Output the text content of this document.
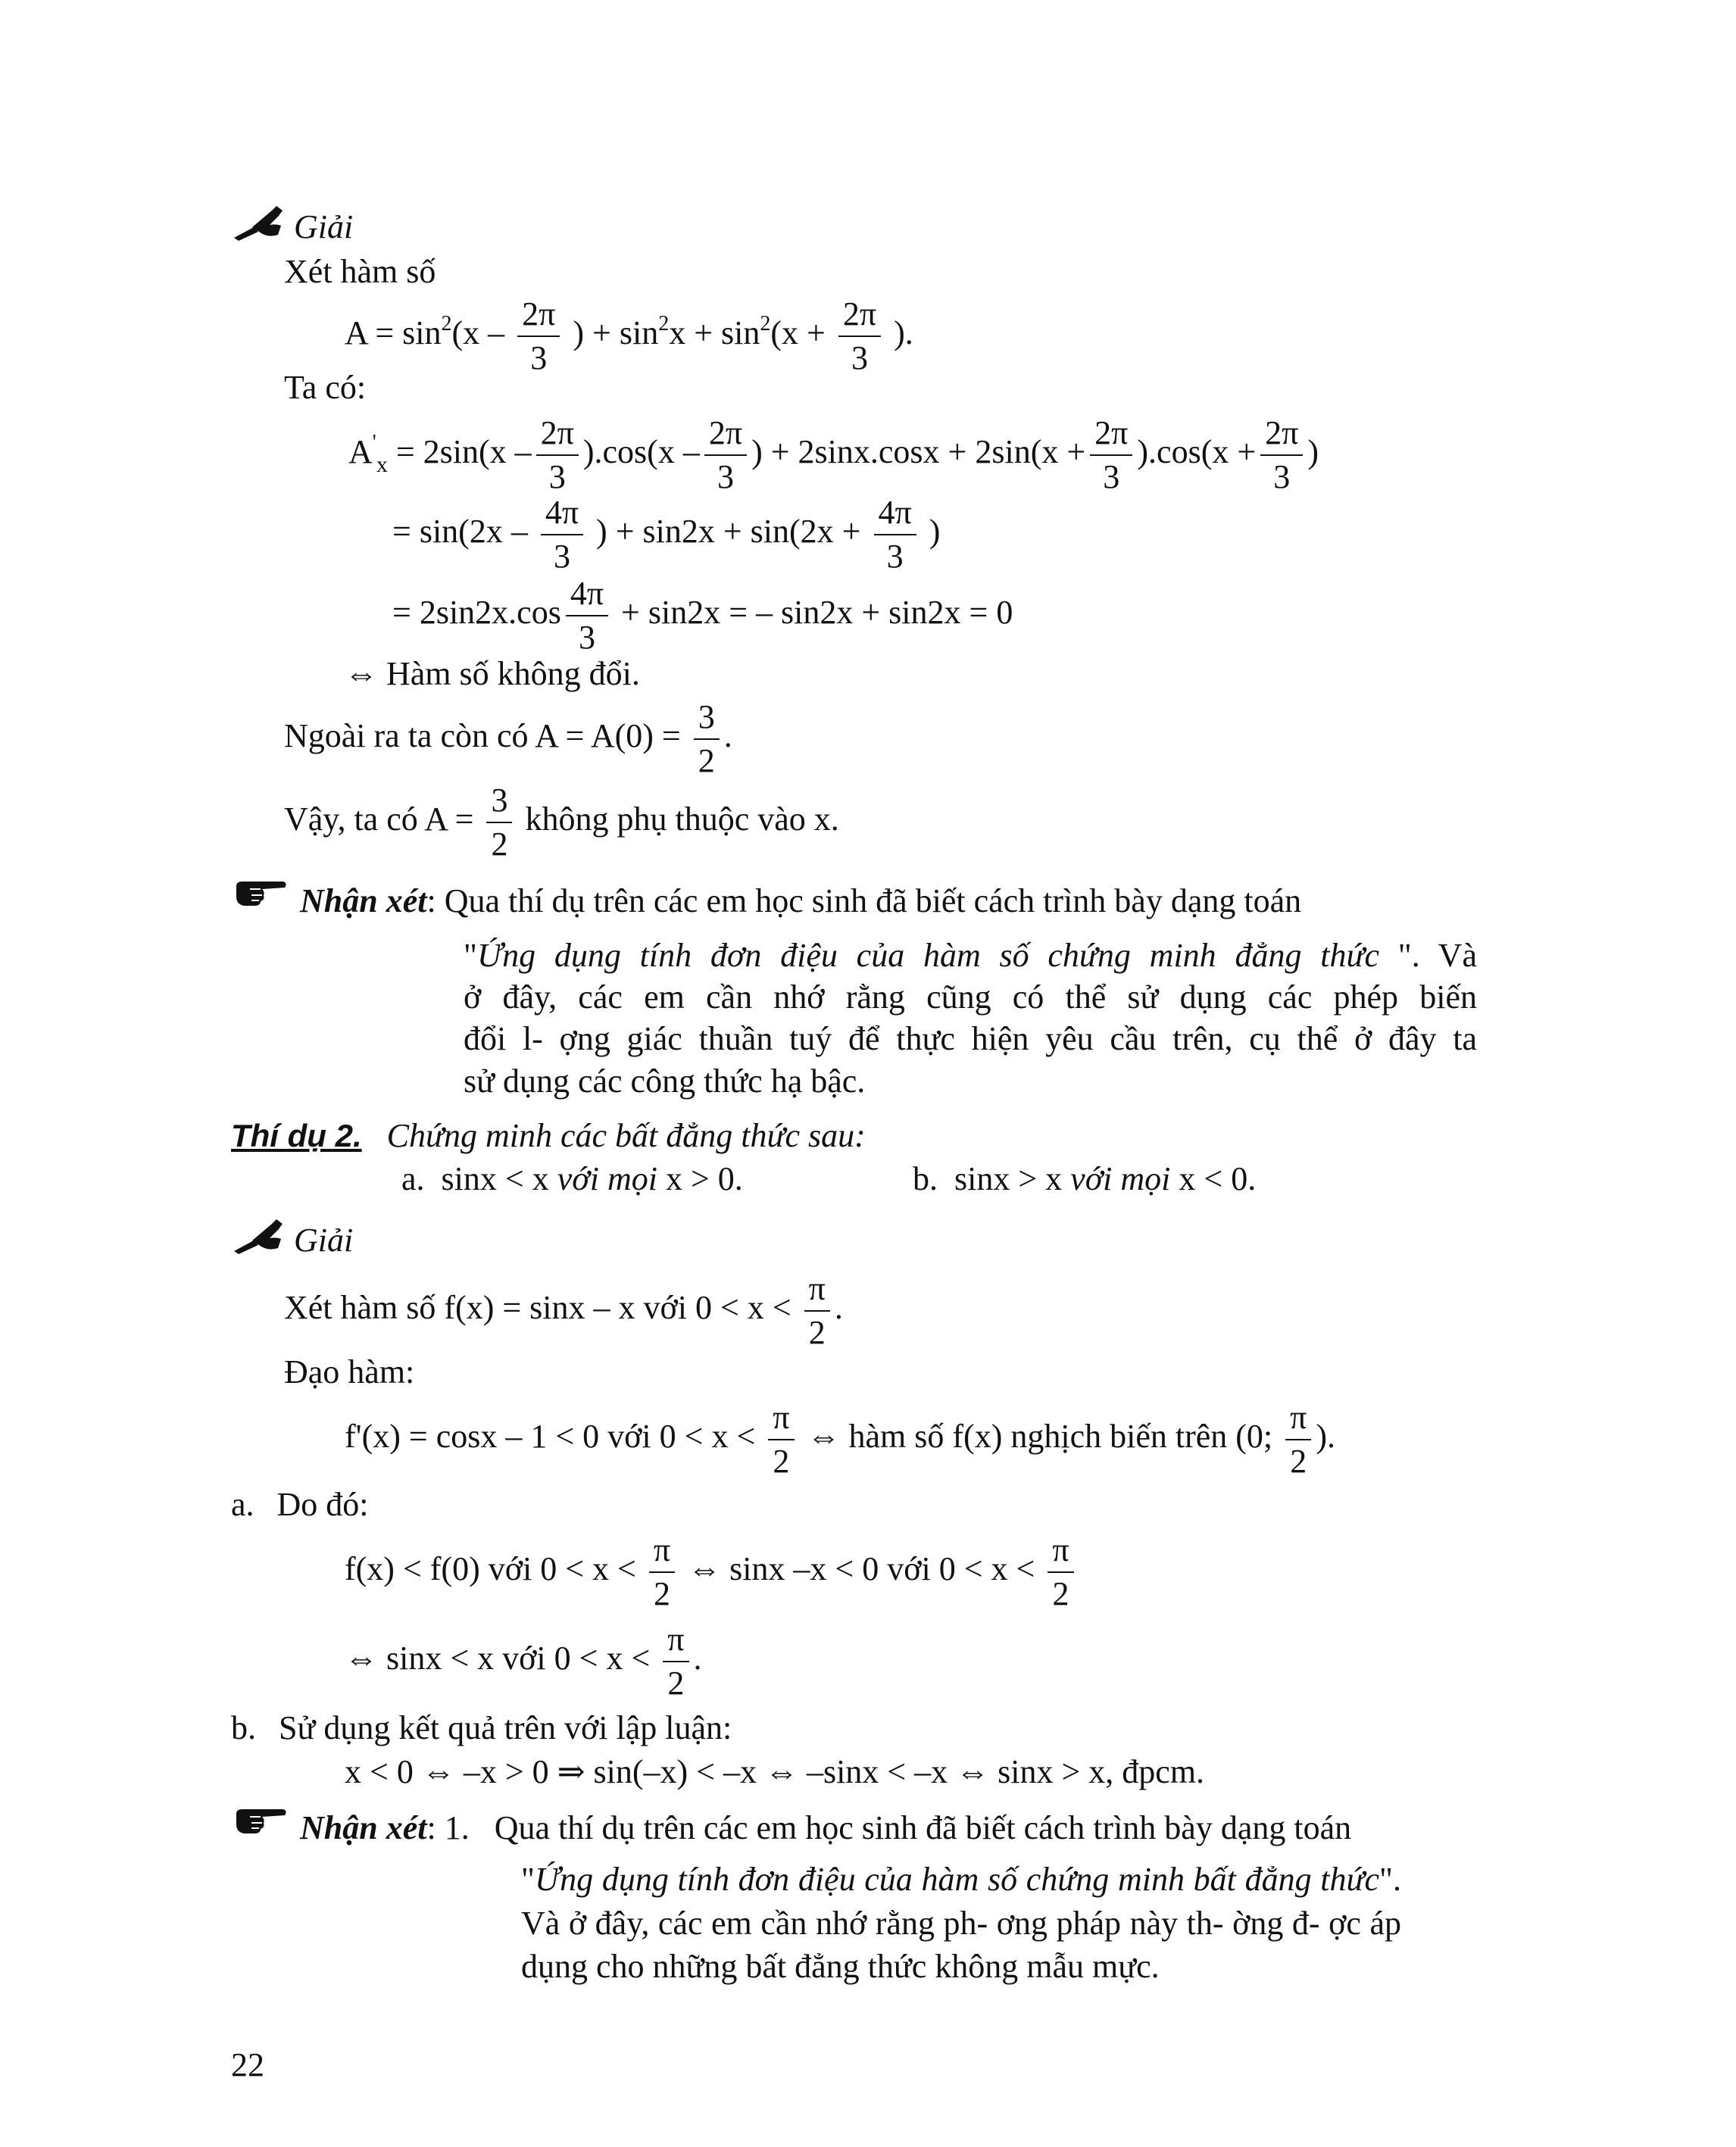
Giải
Xét hàm số
$A = \sin^2(x - \frac{2\pi}{3}$ ) + $\sin^2x + \sin^2(x + \frac{2\pi}{3}$ ).
Ta có:
$A'_x = 2\sin(x - \frac{2\pi}{3} ).\cos(x - \frac{2\pi}{3}$ ) + $2\sin x.\cos x + 2\sin(x + \frac{2\pi}{3} ).\cos(x + \frac{2\pi}{3}$ )
= $\sin(2x - \frac{4\pi}{3}$ ) + $\sin 2x + \sin(2x + \frac{4\pi}{3}$ )
= $2\sin 2x.\cos \frac{4\pi}{3} + \sin 2x$ = – sin2x + sin2x = 0
⇔ Hàm số không đổi.
Ngoài ra ta còn có $A = A(0) = \frac{3}{2}$ .
Vậy, ta có $A = \frac{3}{2}$ không phụ thuộc vào x.
Nhận xét: Qua thí dụ trên các em học sinh đã biết cách trình bày dạng toán
"Ứng dụng tính đơn điệu của hàm số chứng minh đẳng thức ". Và
ở đây, các em cần nhớ rằng cũng có thể sử dụng các phép biến
đổi l- ợng giác thuần tuý để thực hiện yêu cầu trên, cụ thể ở đây ta
sử dụng các công thức hạ bậc.
Thí dụ 2. Chứng minh các bất đẳng thức sau:
a. sinx < x với mọi x > 0.	b. sinx > x với mọi x < 0.
Giải
Xét hàm số f(x) = sinx – x với $0 < x < \frac{\pi}{2}$ .
Đạo hàm:
f'(x) = cosx – 1 < 0 với $0 < x < \frac{\pi}{2}$ ⇔ hàm số f(x) nghịch biến trên (0; $\frac{\pi}{2}$ ).
a. Do đó:
f(x) < f(0) với $0 < x < \frac{\pi}{2}$ ⇔ sinx –x < 0 với $0 < x < \frac{\pi}{2}$
⇔ sinx < x với $0 < x < \frac{\pi}{2}$ .
b. Sử dụng kết quả trên với lập luận:
x < 0 ⇔ –x > 0 ⇒ sin(–x) < –x ⇔ –sinx < –x ⇔ sinx > x, đpcm.
Nhận xét: 1. Qua thí dụ trên các em học sinh đã biết cách trình bày dạng toán
"Ứng dụng tính đơn điệu của hàm số chứng minh bất đẳng thức".
Và ở đây, các em cần nhớ rằng ph- ơng pháp này th- ờng đ- ợc áp
dụng cho những bất đẳng thức không mẫu mực.
22
